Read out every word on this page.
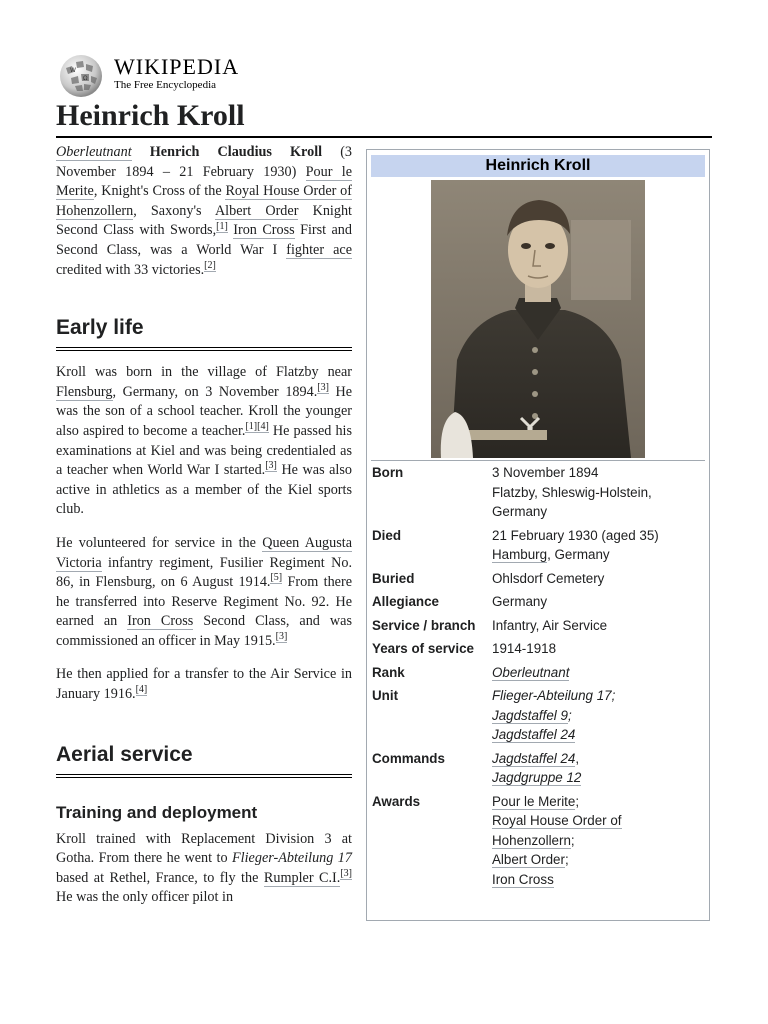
W
Ω WIKIPEDIA
The Free Encyclopedia
Heinrich Kroll

Oberleutnant Henrich Claudius Kroll (3 November 1894 – 21 February 1930) Pour le Merite, Knight's Cross of the Royal House Order of Hohenzollern, Saxony's Albert Order Knight Second Class with Swords,[1] Iron Cross First and Second Class, was a World War I fighter ace credited with 33 victories.[2]

Early life

Kroll was born in the village of Flatzby near Flensburg, Germany, on 3 November 1894.[3] He was the son of a school teacher. Kroll the younger also aspired to become a teacher.[1][4] He passed his examinations at Kiel and was being credentialed as a teacher when World War I started.[3] He was also active in athletics as a member of the Kiel sports club.

He volunteered for service in the Queen Augusta Victoria infantry regiment, Fusilier Regiment No. 86, in Flensburg, on 6 August 1914.[5] From there he transferred into Reserve Regiment No. 92. He earned an Iron Cross Second Class, and was commissioned an officer in May 1915.[3]

He then applied for a transfer to the Air Service in January 1916.[4]

Aerial service
Training and deployment

Kroll trained with Replacement Division 3 at Gotha. From there he went to Flieger-Abteilung 17 based at Rethel, France, to fly the Rumpler C.I.[3] He was the only officer pilot in

Heinrich Kroll
Born	3 November 1894
Flatzby, Shleswig-Holstein, Germany

Died	21 February 1930 (aged 35)
Hamburg, Germany

Buried	Ohlsdorf Cemetery
Allegiance	Germany
Service / branch	Infantry, Air Service
Years of service	1914-1918
Rank	Oberleutnant
Unit	Flieger-Abteilung 17;
Jagdstaffel 9;
Jagdstaffel 24

Commands	Jagdstaffel 24,
Jagdgruppe 12

Awards	Pour le Merite;
Royal House Order of Hohenzollern;
Albert Order;
Iron Cross
